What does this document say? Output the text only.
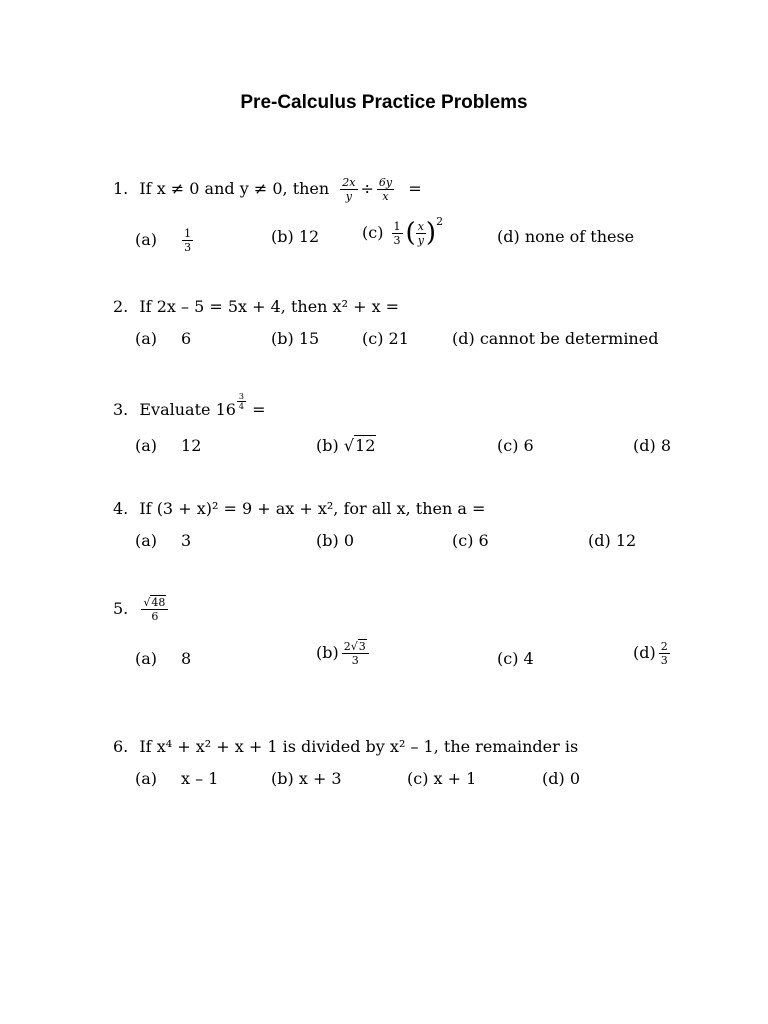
Pre-Calculus Practice Problems
1. If x ≠ 0 and y ≠ 0, then $\frac{2x}{y} \div \frac{6y}{x}$ =
$(a) \frac{1}{3}$	(b) 12	$(c) \frac{1}{3}$ ( $\frac{x}{y} )^2$
(d) none of these
2. If 2x – 5 = 5x + 4, then x² + x =
(a) 6	(b) 15	(c) 21	(d) cannot be determined
3. Evaluate $16 \frac{3}{4}$ =
(a) 12	(b) √12	(c) 6	(d) 8
4. If (3 + x)² = 9 + ax + x², for all x, then a =
(a) 3	(b) 0	(c) 6	(d) 12
5. $\frac{√48}{6}$
(a) 8	$(b) \frac{2√3}{3}$	(c) 4	$(d) \frac{2}{3}$
6. If x⁴ + x² + x + 1 is divided by x² – 1, the remainder is
(a) x – 1	(b) x + 3	(c) x + 1	(d) 0
